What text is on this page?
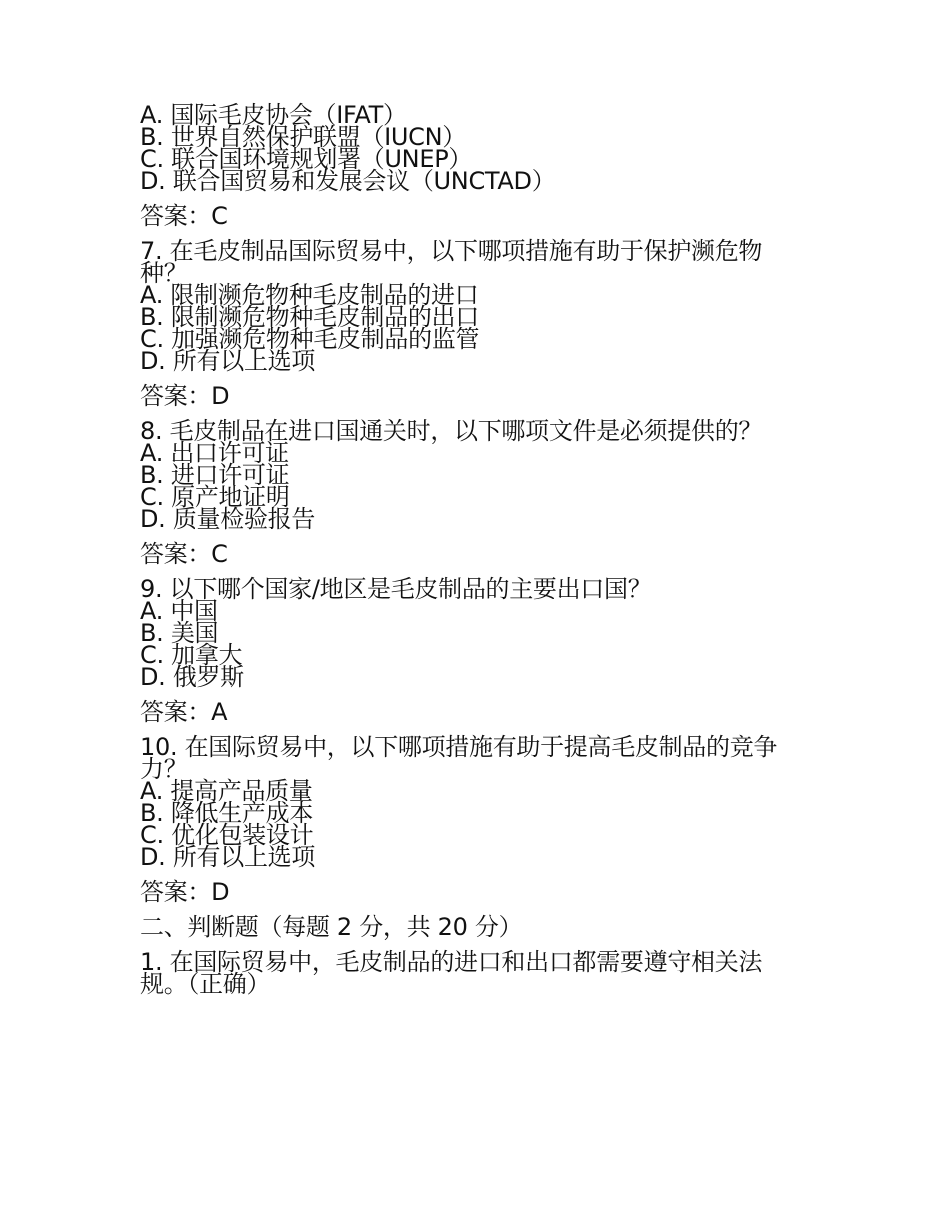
A. 国际毛皮协会（IFAT）
B. 世界自然保护联盟（IUCN）
C. 联合国环境规划署（UNEP）
D. 联合国贸易和发展会议（UNCTAD）
答案：C
7. 在毛皮制品国际贸易中，以下哪项措施有助于保护濒危物
种？
A. 限制濒危物种毛皮制品的进口
B. 限制濒危物种毛皮制品的出口
C. 加强濒危物种毛皮制品的监管
D. 所有以上选项
答案：D
8. 毛皮制品在进口国通关时，以下哪项文件是必须提供的？
A. 出口许可证
B. 进口许可证
C. 原产地证明
D. 质量检验报告
答案：C
9. 以下哪个国家/地区是毛皮制品的主要出口国？
A. 中国
B. 美国
C. 加拿大
D. 俄罗斯
答案：A
10. 在国际贸易中，以下哪项措施有助于提高毛皮制品的竞争
力？
A. 提高产品质量
B. 降低生产成本
C. 优化包装设计
D. 所有以上选项
答案：D
二、判断题（每题 2 分，共 20 分）
1. 在国际贸易中，毛皮制品的进口和出口都需要遵守相关法
规。（正确）
